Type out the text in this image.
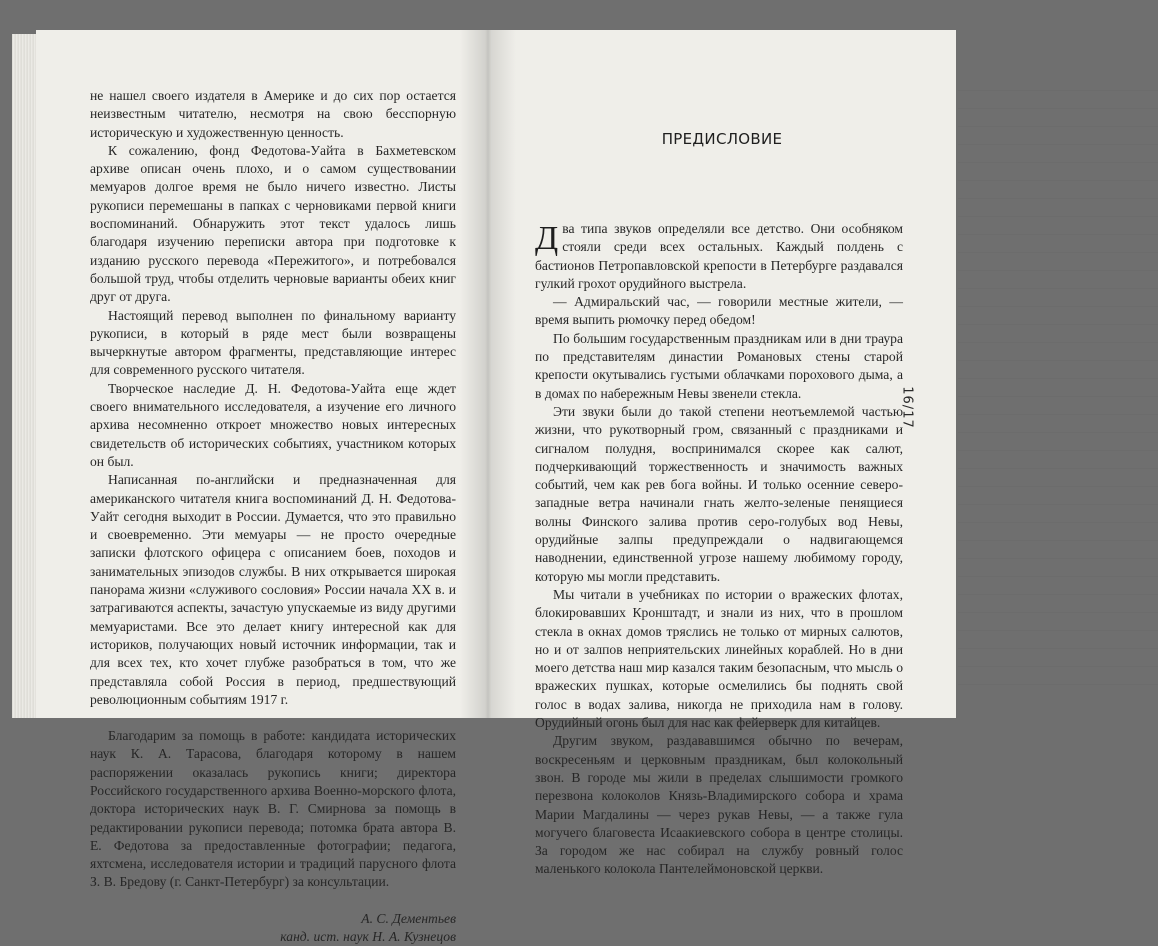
не нашел своего издателя в Америке и до сих пор остается неизвестным читателю, несмотря на свою бесспорную историческую и художественную ценность.

К сожалению, фонд Федотова-Уайта в Бахметевском архиве описан очень плохо, и о самом существовании мемуаров долгое время не было ничего известно. Листы рукописи перемешаны в папках с черновиками первой книги воспоминаний. Обнаружить этот текст удалось лишь благодаря изучению переписки автора при подготовке к изданию русского перевода «Пережитого», и потребовался большой труд, чтобы отделить черновые варианты обеих книг друг от друга.

Настоящий перевод выполнен по финальному варианту рукописи, в который в ряде мест были возвращены вычеркнутые автором фрагменты, представляющие интерес для современного русского читателя.

Творческое наследие Д. Н. Федотова-Уайта еще ждет своего внимательного исследователя, а изучение его личного архива несомненно откроет множество новых интересных свидетельств об исторических событиях, участником которых он был.

Написанная по-английски и предназначенная для американского читателя книга воспоминаний Д. Н. Федотова-Уайт сегодня выходит в России. Думается, что это правильно и своевременно. Эти мемуары — не просто очередные записки флотского офицера с описанием боев, походов и занимательных эпизодов службы. В них открывается широкая панорама жизни «служивого сословия» России начала XX в. и затрагиваются аспекты, зачастую упускаемые из виду другими мемуаристами. Все это делает книгу интересной как для историков, получающих новый источник информации, так и для всех тех, кто хочет глубже разобраться в том, что же представляла собой Россия в период, предшествующий революционным событиям 1917 г.

Благодарим за помощь в работе: кандидата исторических наук К. А. Тарасова, благодаря которому в нашем распоряжении оказалась рукопись книги; директора Российского государственного архива Военно-морского флота, доктора исторических наук В. Г. Смирнова за помощь в редактировании рукописи перевода; потомка брата автора В. Е. Федотова за предоставленные фотографии; педагога, яхтсмена, исследователя истории и традиций парусного флота З. В. Бредову (г. Санкт-Петербург) за консультации.

А. С. Дементьев

канд. ист. наук Н. А. Кузнецов

ПРЕДИСЛОВИЕ

Два типа звуков определяли все детство. Они особняком стояли среди всех остальных. Каждый полдень с бастионов Петропавловской крепости в Петербурге раздавался гулкий грохот орудийного выстрела.

— Адмиральский час, — говорили местные жители, — время выпить рюмочку перед обедом!

По большим государственным праздникам или в дни траура по представителям династии Романовых стены старой крепости окутывались густыми облачками порохового дыма, а в домах по набережным Невы звенели стекла.

Эти звуки были до такой степени неотъемлемой частью жизни, что рукотворный гром, связанный с праздниками и сигналом полудня, воспринимался скорее как салют, подчеркивающий торжественность и значимость важных событий, чем как рев бога войны. И только осенние северо-западные ветра начинали гнать желто-зеленые пенящиеся волны Финского залива против серо-голубых вод Невы, орудийные залпы предупреждали о надвигающемся наводнении, единственной угрозе нашему любимому городу, которую мы могли представить.

Мы читали в учебниках по истории о вражеских флотах, блокировавших Кронштадт, и знали из них, что в прошлом стекла в окнах домов тряслись не только от мирных салютов, но и от залпов неприятельских линейных кораблей. Но в дни моего детства наш мир казался таким безопасным, что мысль о вражеских пушках, которые осмелились бы поднять свой голос в водах залива, никогда не приходила нам в голову. Орудийный огонь был для нас как фейерверк для китайцев.

Другим звуком, раздававшимся обычно по вечерам, воскресеньям и церковным праздникам, был колокольный звон. В городе мы жили в пределах слышимости громкого перезвона колоколов Князь-Владимирского собора и храма Марии Магдалины — через рукав Невы, — а также гула могучего благовеста Исаакиевского собора в центре столицы. За городом же нас собирал на службу ровный голос маленького колокола Пантелеймоновской церкви.

16/17
